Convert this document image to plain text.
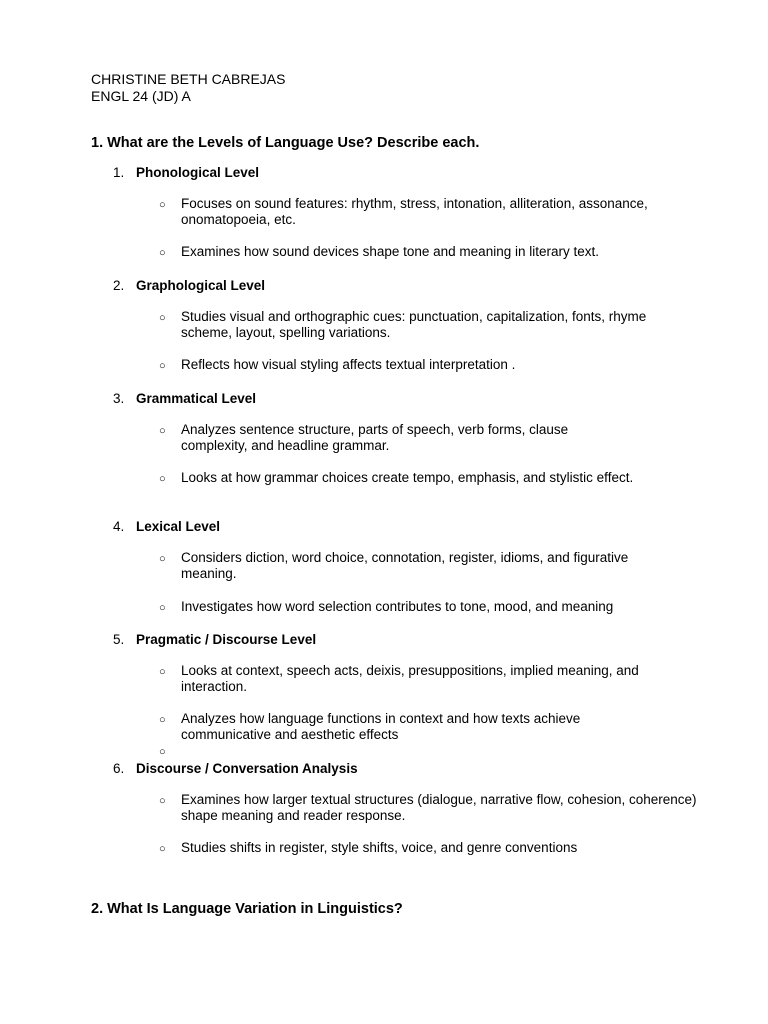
CHRISTINE BETH CABREJAS
ENGL 24 (JD) A
1. What are the Levels of Language Use? Describe each.
1. Phonological Level
○ Focuses on sound features: rhythm, stress, intonation, alliteration, assonance, onomatopoeia, etc.
○ Examines how sound devices shape tone and meaning in literary text.
2. Graphological Level
○ Studies visual and orthographic cues: punctuation, capitalization, fonts, rhyme scheme, layout, spelling variations.
○ Reflects how visual styling affects textual interpretation .
3. Grammatical Level
○ Analyzes sentence structure, parts of speech, verb forms, clause complexity, and headline grammar.
○ Looks at how grammar choices create tempo, emphasis, and stylistic effect.
4. Lexical Level
○ Considers diction, word choice, connotation, register, idioms, and figurative meaning.
○ Investigates how word selection contributes to tone, mood, and meaning
5. Pragmatic / Discourse Level
○ Looks at context, speech acts, deixis, presuppositions, implied meaning, and interaction.
○ Analyzes how language functions in context and how texts achieve communicative and aesthetic effects
○
6. Discourse / Conversation Analysis
○ Examines how larger textual structures (dialogue, narrative flow, cohesion, coherence) shape meaning and reader response.
○ Studies shifts in register, style shifts, voice, and genre conventions
2. What Is Language Variation in Linguistics?
